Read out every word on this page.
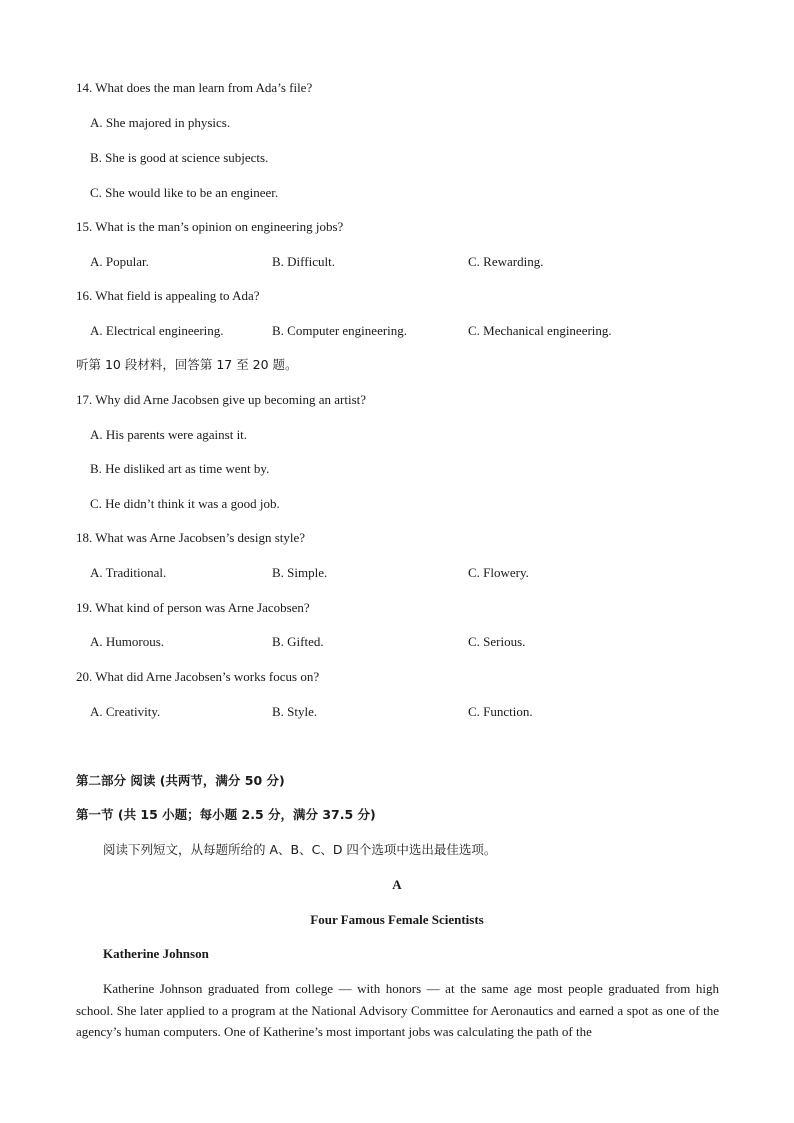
14. What does the man learn from Ada’s file?
A. She majored in physics.
B. She is good at science subjects.
C. She would like to be an engineer.
15. What is the man’s opinion on engineering jobs?
A. Popular.	B. Difficult.	C. Rewarding.
16. What field is appealing to Ada?
A. Electrical engineering.	B. Computer engineering.	C. Mechanical engineering.
听第 10 段材料，回答第 17 至 20 题。
17. Why did Arne Jacobsen give up becoming an artist?
A. His parents were against it.
B. He disliked art as time went by.
C. He didn’t think it was a good job.
18. What was Arne Jacobsen’s design style?
A. Traditional.	B. Simple.	C. Flowery.
19. What kind of person was Arne Jacobsen?
A. Humorous.	B. Gifted.	C. Serious.
20. What did Arne Jacobsen’s works focus on?
A. Creativity.	B. Style.	C. Function.
第二部分 阅读 (共两节，满分 50 分)
第一节 (共 15 小题；每小题 2.5 分，满分 37.5 分)
阅读下列短文，从每题所给的 A、B、C、D 四个选项中选出最佳选项。
A
Four Famous Female Scientists
Katherine Johnson
Katherine Johnson graduated from college — with honors — at the same age most people graduated from high school. She later applied to a program at the National Advisory Committee for Aeronautics and earned a spot as one of the agency’s human computers. One of Katherine’s most important jobs was calculating the path of the
